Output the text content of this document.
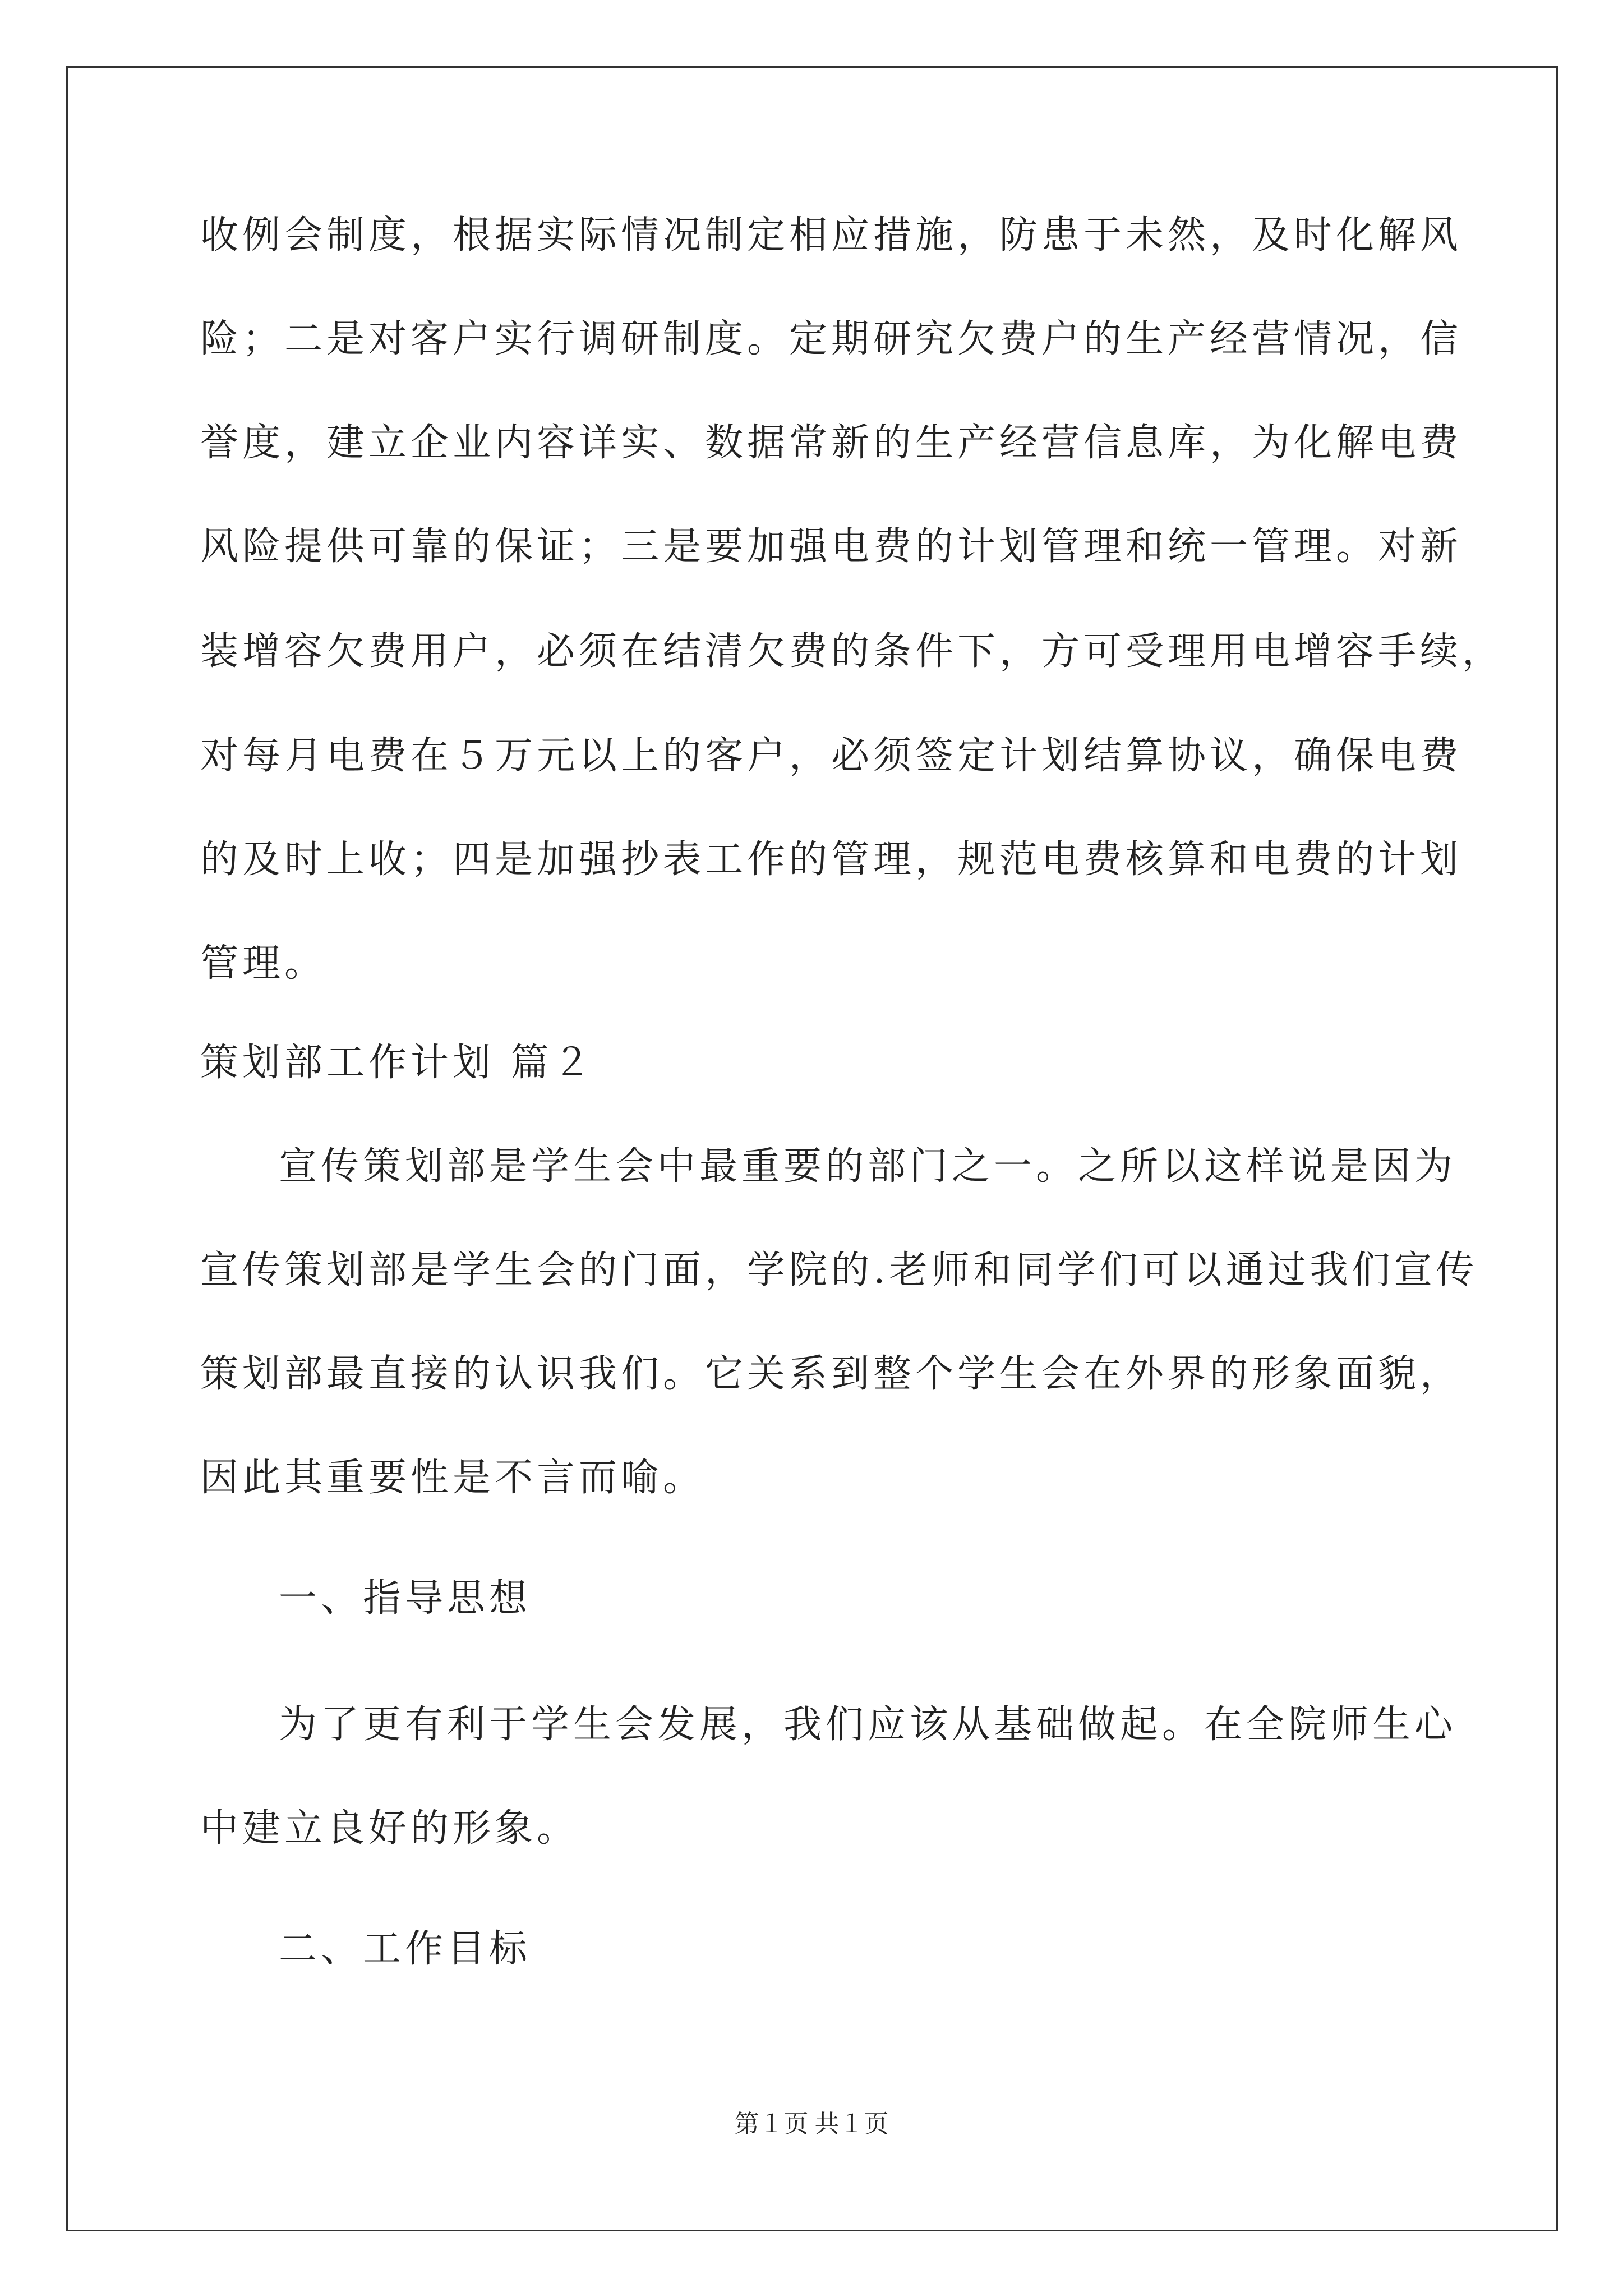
收例会制度，根据实际情况制定相应措施，防患于未然，及时化解风
险；二是对客户实行调研制度。定期研究欠费户的生产经营情况，信
誉度，建立企业内容详实、数据常新的生产经营信息库，为化解电费
风险提供可靠的保证；三是要加强电费的计划管理和统一管理。对新
装增容欠费用户，必须在结清欠费的条件下，方可受理用电增容手续，
对每月电费在５万元以上的客户，必须签定计划结算协议，确保电费
的及时上收；四是加强抄表工作的管理，规范电费核算和电费的计划
管理。
策划部工作计划 篇２
宣传策划部是学生会中最重要的部门之一。之所以这样说是因为
宣传策划部是学生会的门面，学院的.老师和同学们可以通过我们宣传
策划部最直接的认识我们。它关系到整个学生会在外界的形象面貌，
因此其重要性是不言而喻。
一、指导思想
为了更有利于学生会发展，我们应该从基础做起。在全院师生心
中建立良好的形象。
二、工作目标
第１页 共１页
